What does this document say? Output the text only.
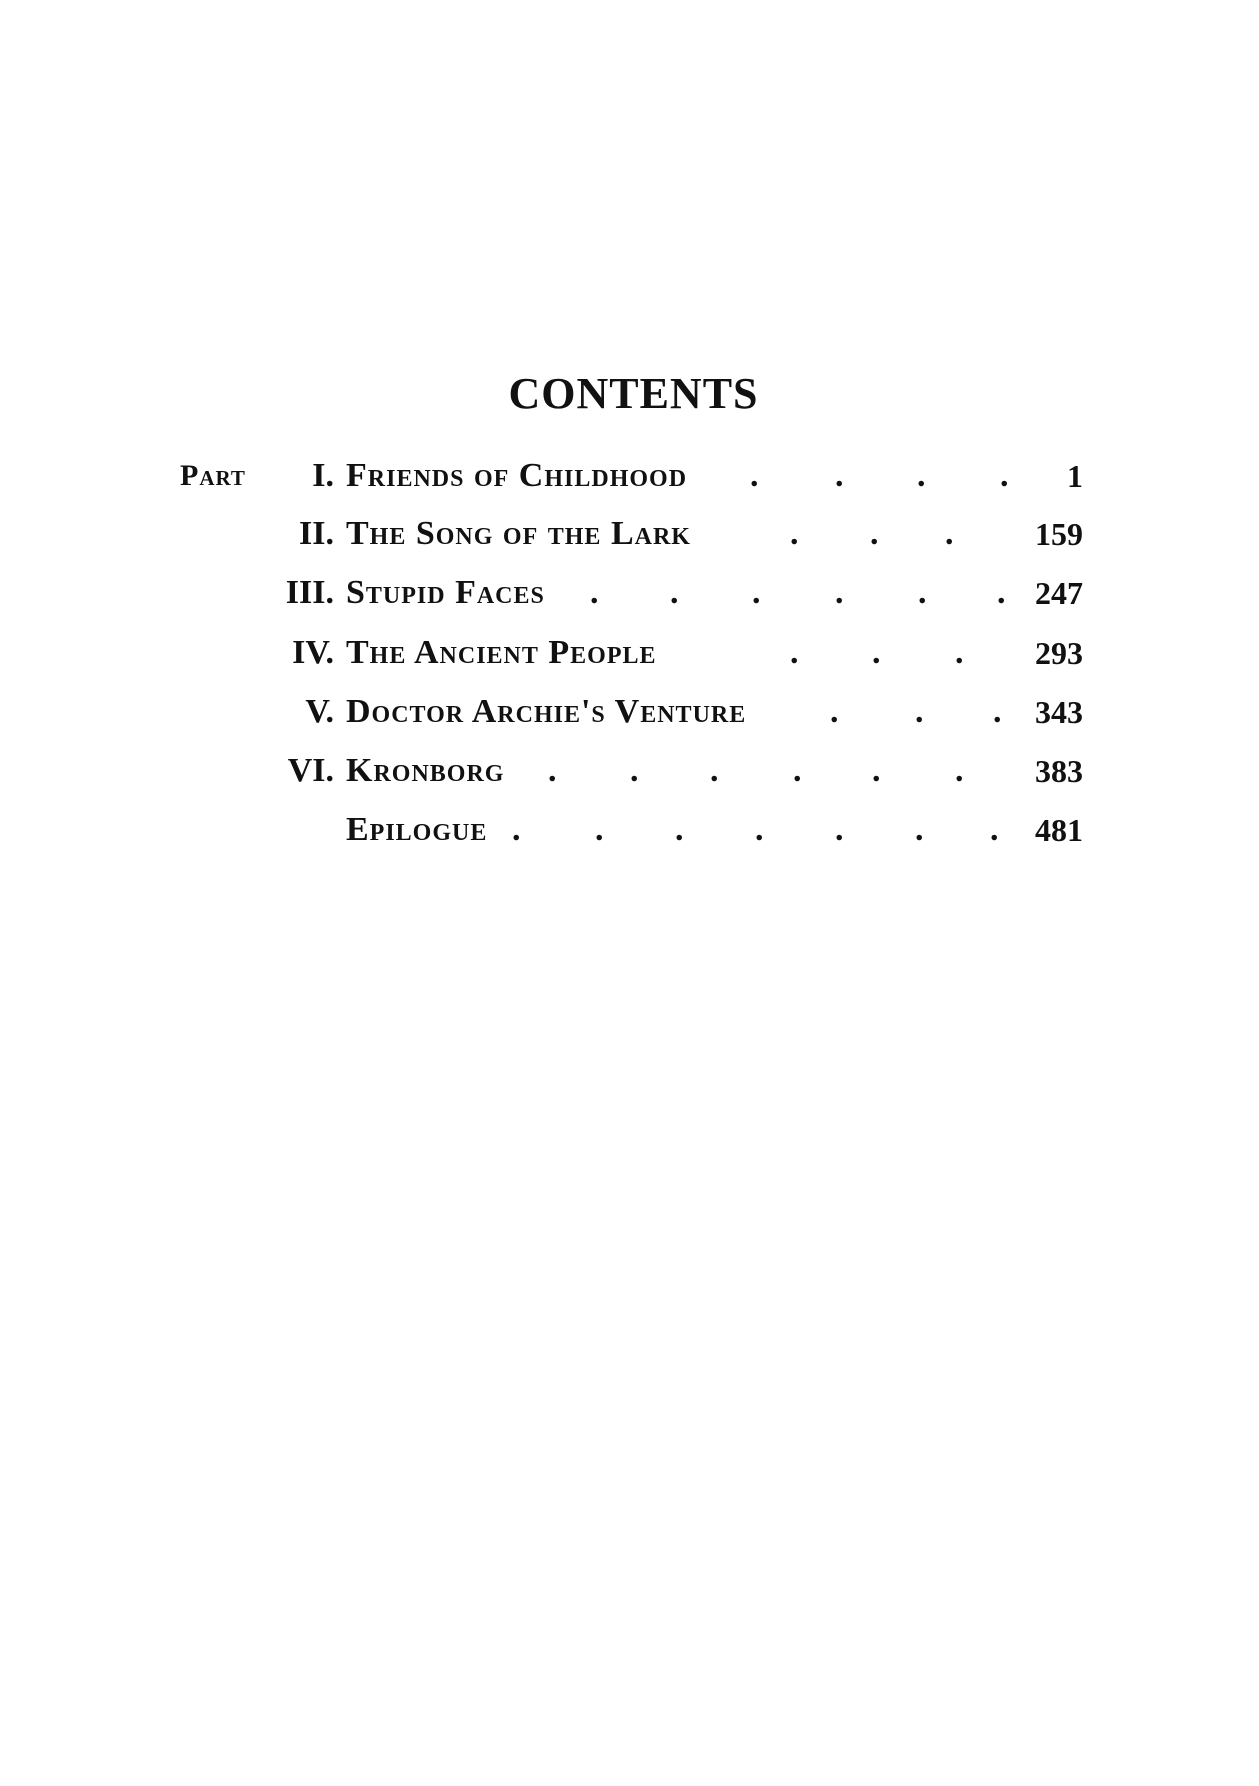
CONTENTS
Part I. Friends of Childhood . . . . 1
II. The Song of the Lark	. . .	159
III. Stupid Faces . . . . . . 247
IV. The Ancient People	. . . 293
V. Doctor Archie's Venture . . . 343
VI. Kronborg . . . . . . 383
Epilogue . . . . . . . 481
